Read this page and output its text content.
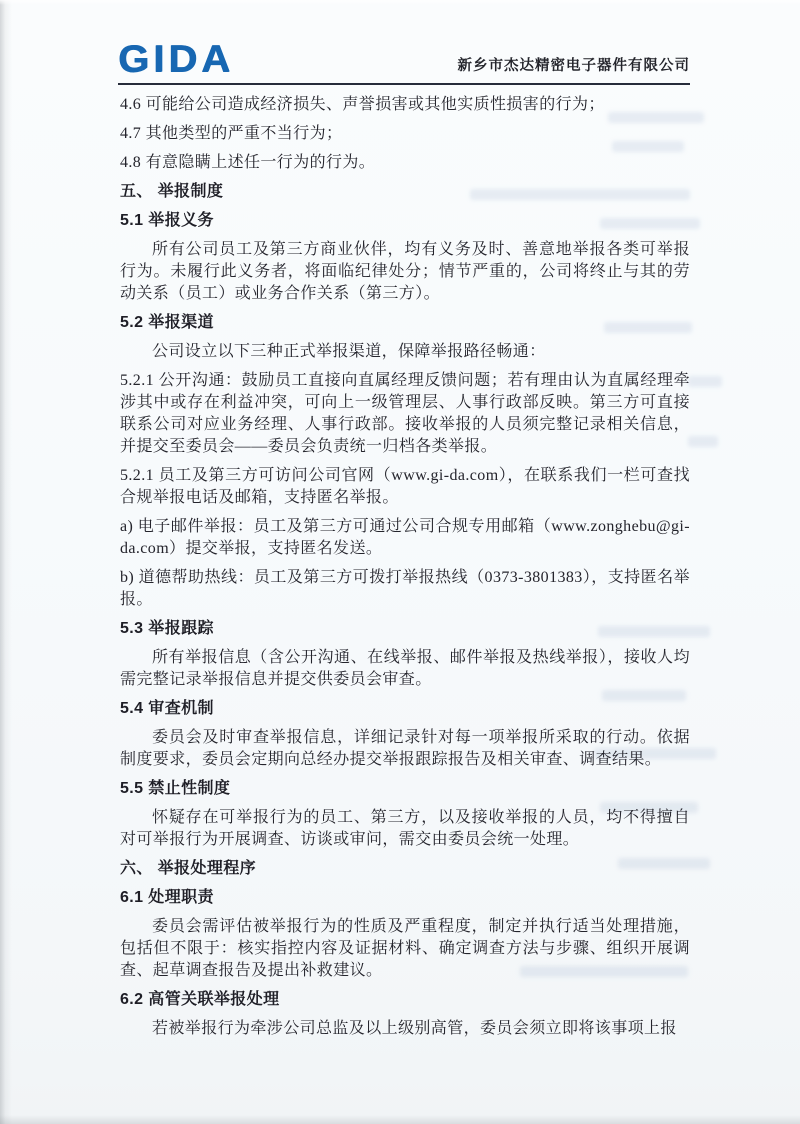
GIDA	新乡市杰达精密电子器件有限公司

4.6 可能给公司造成经济损失、声誉损害或其他实质性损害的行为；

4.7 其他类型的严重不当行为；

4.8 有意隐瞒上述任一行为的行为。

五、 举报制度

5.1 举报义务

所有公司员工及第三方商业伙伴，均有义务及时、善意地举报各类可举报行为。未履行此义务者，将面临纪律处分；情节严重的，公司将终止与其的劳动关系（员工）或业务合作关系（第三方）。

5.2 举报渠道

公司设立以下三种正式举报渠道，保障举报路径畅通：

5.2.1 公开沟通：鼓励员工直接向直属经理反馈问题；若有理由认为直属经理牵涉其中或存在利益冲突，可向上一级管理层、人事行政部反映。第三方可直接联系公司对应业务经理、人事行政部。接收举报的人员须完整记录相关信息，并提交至委员会——委员会负责统一归档各类举报。

5.2.1 员工及第三方可访问公司官网（www.gi-da.com），在联系我们一栏可查找合规举报电话及邮箱，支持匿名举报。

a) 电子邮件举报：员工及第三方可通过公司合规专用邮箱（www.zonghebu@gi-da.com）提交举报，支持匿名发送。

b) 道德帮助热线：员工及第三方可拨打举报热线（0373-3801383），支持匿名举报。

5.3 举报跟踪

所有举报信息（含公开沟通、在线举报、邮件举报及热线举报），接收人均需完整记录举报信息并提交供委员会审查。

5.4 审查机制

委员会及时审查举报信息，详细记录针对每一项举报所采取的行动。依据制度要求，委员会定期向总经办提交举报跟踪报告及相关审查、调查结果。

5.5 禁止性制度

怀疑存在可举报行为的员工、第三方，以及接收举报的人员，均不得擅自对可举报行为开展调查、访谈或审问，需交由委员会统一处理。

六、 举报处理程序

6.1 处理职责

委员会需评估被举报行为的性质及严重程度，制定并执行适当处理措施，包括但不限于：核实指控内容及证据材料、确定调查方法与步骤、组织开展调查、起草调查报告及提出补救建议。

6.2 高管关联举报处理

若被举报行为牵涉公司总监及以上级别高管，委员会须立即将该事项上报
